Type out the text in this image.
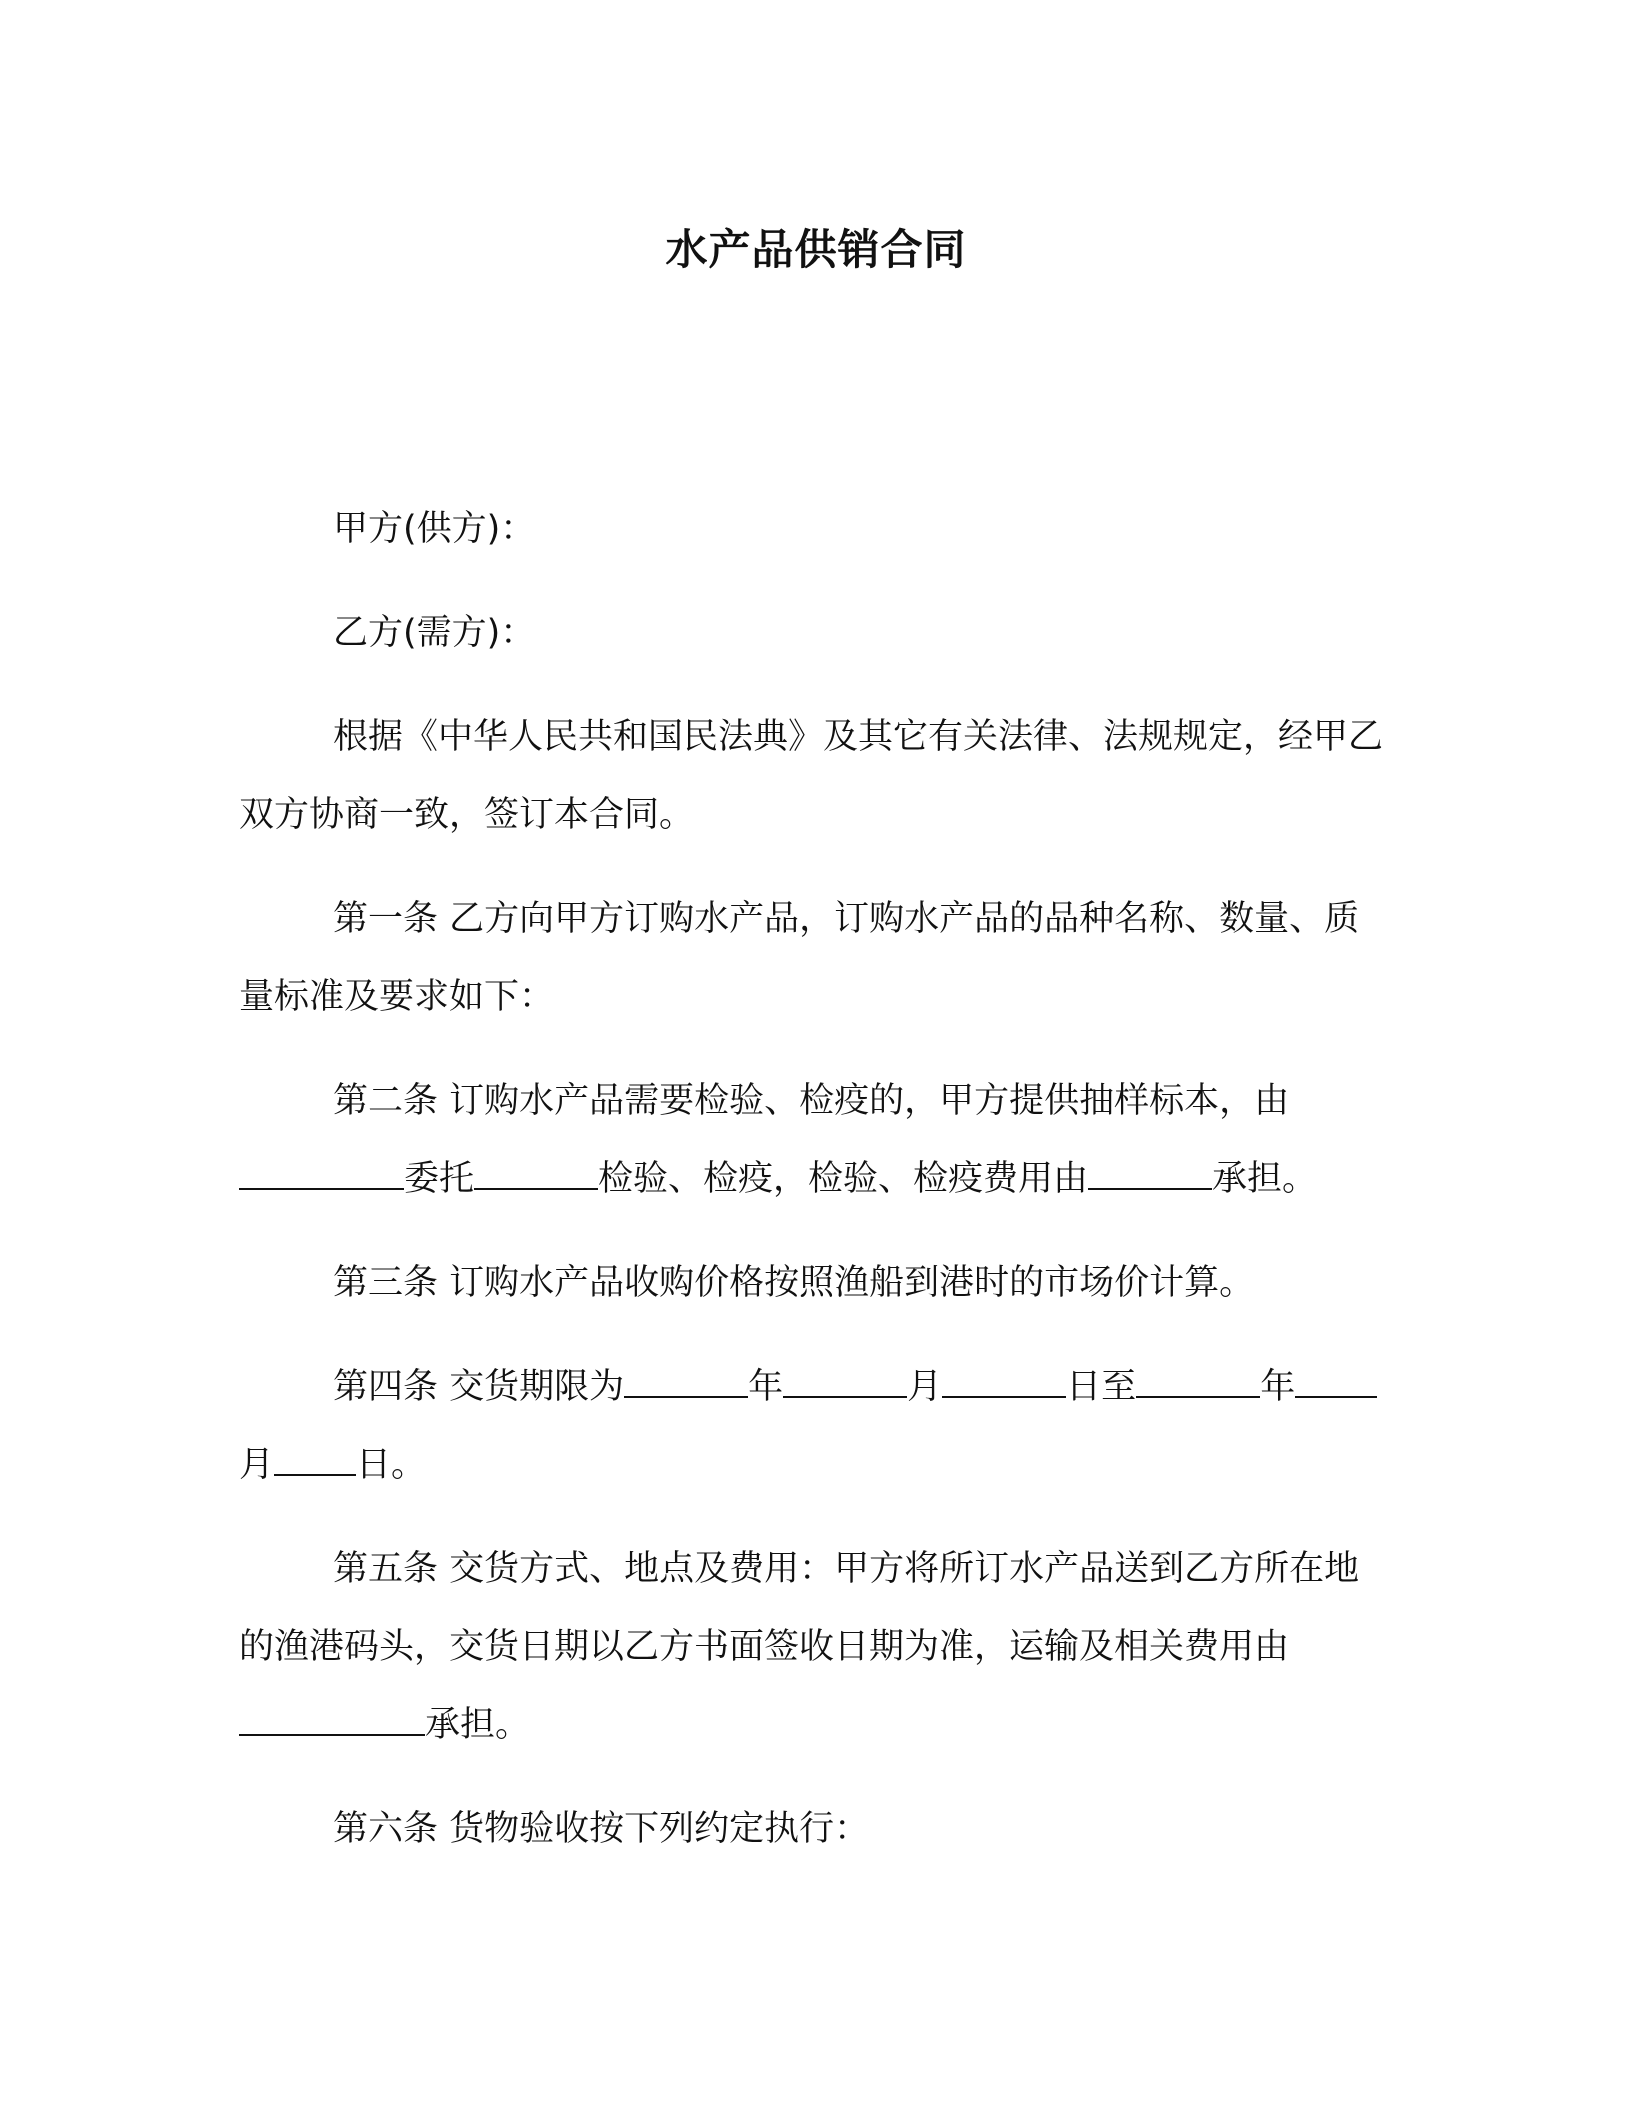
水产品供销合同

甲方(供方)：

乙方(需方)：

根据《中华人民共和国民法典》及其它有关法律、法规规定，经甲乙双方协商一致，签订本合同。

第一条 乙方向甲方订购水产品，订购水产品的品种名称、数量、质量标准及要求如下：

第二条 订购水产品需要检验、检疫的，甲方提供抽样标本，由委托	检验、检疫，检验、检疫费用由	承担。

第三条 订购水产品收购价格按照渔船到港时的市场价计算。

第四条 交货期限为	年	月	日至	年月 日。

第五条 交货方式、地点及费用：甲方将所订水产品送到乙方所在地的渔港码头，交货日期以乙方书面签收日期为准，运输及相关费用由承担。

第六条 货物验收按下列约定执行：
